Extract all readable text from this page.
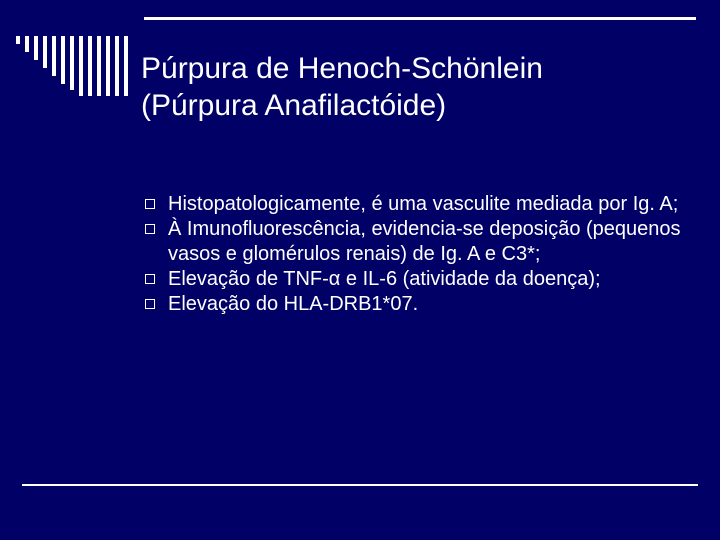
Púrpura de Henoch-Schönlein
(Púrpura Anafilactóide)
Histopatologicamente, é uma vasculite mediada por Ig. A;
À Imunofluorescência, evidencia-se deposição (pequenos vasos e glomérulos renais) de Ig. A e C3*;
Elevação de TNF-α e IL-6 (atividade da doença);
Elevação do HLA-DRB1*07.
